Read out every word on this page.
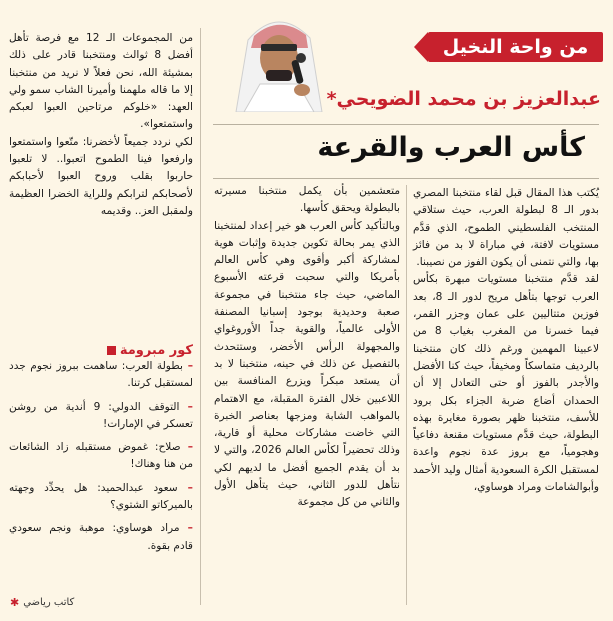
من واحة النخيل
عبدالعزيز بن محمد الضويحي*
كأس العرب والقرعة

يُكتب هذا المقال قبل لقاء منتخبنا المصري بدور الـ 8 لبطولة العرب، حيث ستلاقي المنتخب الفلسطيني الطموح، الذي قدَّم مستويات لافتة، في مباراة لا بد من فائز بها، والتي نتمنى أن يكون الفوز من نصيبنا.

لقد قدَّم منتخبنا مستويات مبهرة بكأس العرب توجها بتأهل مريح لدور الـ 8، بعد فوزين متتاليين على عمان وجزر القمر، فيما خسرنا من المغرب بغياب 8 من لاعبينا المهمين ورغم ذلك كان منتخبنا بالرديف متماسكاً ومخيفاً، حيث كنا الأفضل والأجدر بالفوز أو حتى التعادل إلا أن الحمدان أضاع ضربة الجزاء بكل برود للأسف، منتخبنا ظهر بصورة مغايرة بهذه البطولة، حيث قدَّم مستويات مقنعة دفاعياً وهجومياً، مع بروز عدة نجوم واعدة لمستقبل الكرة السعودية أمثال وليد الأحمد وأبوالشامات ومراد هوساوي،

متعشمين بأن يكمل منتخبنا مسيرته بالبطولة ويحقق كأسها.

وبالتأكيد كأس العرب هو خير إعداد لمنتخبنا الذي يمر بحالة تكوين جديدة وإثبات هوية لمشاركة أكبر وأقوى وهي كأس العالم بأمريكا والتي سحبت قرعته الأسبوع الماضي، حيث جاء منتخبنا في مجموعة صعبة وحديدية بوجود إسبانيا المصنفة الأولى عالمياً، والقوية جداً الأوروغواي والمجهولة الرأس الأخضر، وستتحدث بالتفصيل عن ذلك في حينه، منتخبنا لا بد أن يستعد مبكراً ويزرع المنافسة بين اللاعبين خلال الفترة المقبلة، مع الاهتمام بالمواهب الشابة ومزجها بعناصر الخبرة التي خاضت مشاركات محلية أو قارية، وذلك تحضيراً لكأس العالم 2026، والتي لا بد أن يقدم الجميع أفضل ما لديهم لكي نتأهل للدور الثاني، حيث يتأهل الأول والثاني من كل مجموعة

من المجموعات الـ 12 مع فرصة تأهل أفضل 8 ثوالث ومنتخبنا قادر على ذلك بمشيئة الله، نحن فعلاً لا نريد من منتخبنا إلا ما قاله ملهمنا وأميرنا الشاب سمو ولي العهد: «خلوكم مرتاحين العبوا لعبكم واستمتعوا».

لكي نردد جميعاً لأخضرنا: متّعوا واستمتعوا وارفعوا فينا الطموح اتعبوا.. لا تلعبوا حاربوا بقلب وروح العبوا لأحبابكم لأصحابكم لترابكم وللراية الخضرا العظيمة ولمقبل العز.. وقديمه

كور مبرومة
– بطولة العرب: ساهمت ببروز نجوم جدد لمستقبل كرتنا.
– التوقف الدولي: 9 أندية من روشن تعسكر في الإمارات!
– صلاح: غموض مستقبله زاد الشائعات من هنا وهناك!
– سعود عبدالحميد: هل يحدِّد وجهته بالميركاتو الشتوي؟
– مراد هوساوي: موهبة ونجم سعودي قادم بقوة.
كاتب رياضي
✱
